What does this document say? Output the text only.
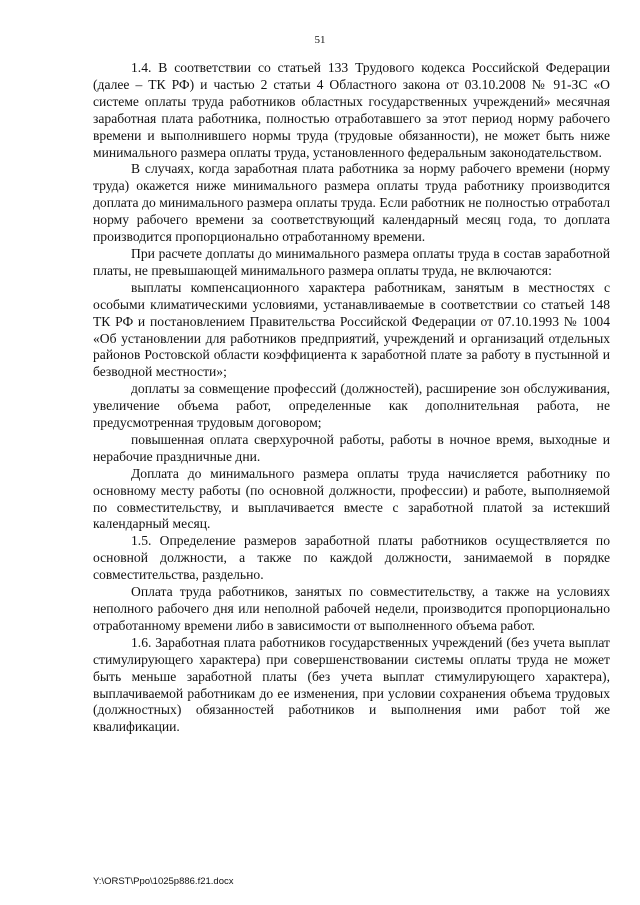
51

1.4. В соответствии со статьей 133 Трудового кодекса Российской Федерации (далее – ТК РФ) и частью 2 статьи 4 Областного закона от 03.10.2008 № 91-ЗС «О системе оплаты труда работников областных государственных учреждений» месячная заработная плата работника, полностью отработавшего за этот период норму рабочего времени и выполнившего нормы труда (трудовые обязанности), не может быть ниже минимального размера оплаты труда, установленного федеральным законодательством.

В случаях, когда заработная плата работника за норму рабочего времени (норму труда) окажется ниже минимального размера оплаты труда работнику производится доплата до минимального размера оплаты труда. Если работник не полностью отработал норму рабочего времени за соответствующий календарный месяц года, то доплата производится пропорционально отработанному времени.

При расчете доплаты до минимального размера оплаты труда в состав заработной платы, не превышающей минимального размера оплаты труда, не включаются:

выплаты компенсационного характера работникам, занятым в местностях с особыми климатическими условиями, устанавливаемые в соответствии со статьей 148 ТК РФ и постановлением Правительства Российской Федерации от 07.10.1993 № 1004 «Об установлении для работников предприятий, учреждений и организаций отдельных районов Ростовской области коэффициента к заработной плате за работу в пустынной и безводной местности»;

доплаты за совмещение профессий (должностей), расширение зон обслуживания, увеличение объема работ, определенные как дополнительная работа, не предусмотренная трудовым договором;

повышенная оплата сверхурочной работы, работы в ночное время, выходные и нерабочие праздничные дни.

Доплата до минимального размера оплаты труда начисляется работнику по основному месту работы (по основной должности, профессии) и работе, выполняемой по совместительству, и выплачивается вместе с заработной платой за истекший календарный месяц.

1.5. Определение размеров заработной платы работников осуществляется по основной должности, а также по каждой должности, занимаемой в порядке совместительства, раздельно.

Оплата труда работников, занятых по совместительству, а также на условиях неполного рабочего дня или неполной рабочей недели, производится пропорционально отработанному времени либо в зависимости от выполненного объема работ.

1.6. Заработная плата работников государственных учреждений (без учета выплат стимулирующего характера) при совершенствовании системы оплаты труда не может быть меньше заработной платы (без учета выплат стимулирующего характера), выплачиваемой работникам до ее изменения, при условии сохранения объема трудовых (должностных) обязанностей работников и выполнения ими работ той же квалификации.

Y:\ORST\Ppo\1025p886.f21.docx
